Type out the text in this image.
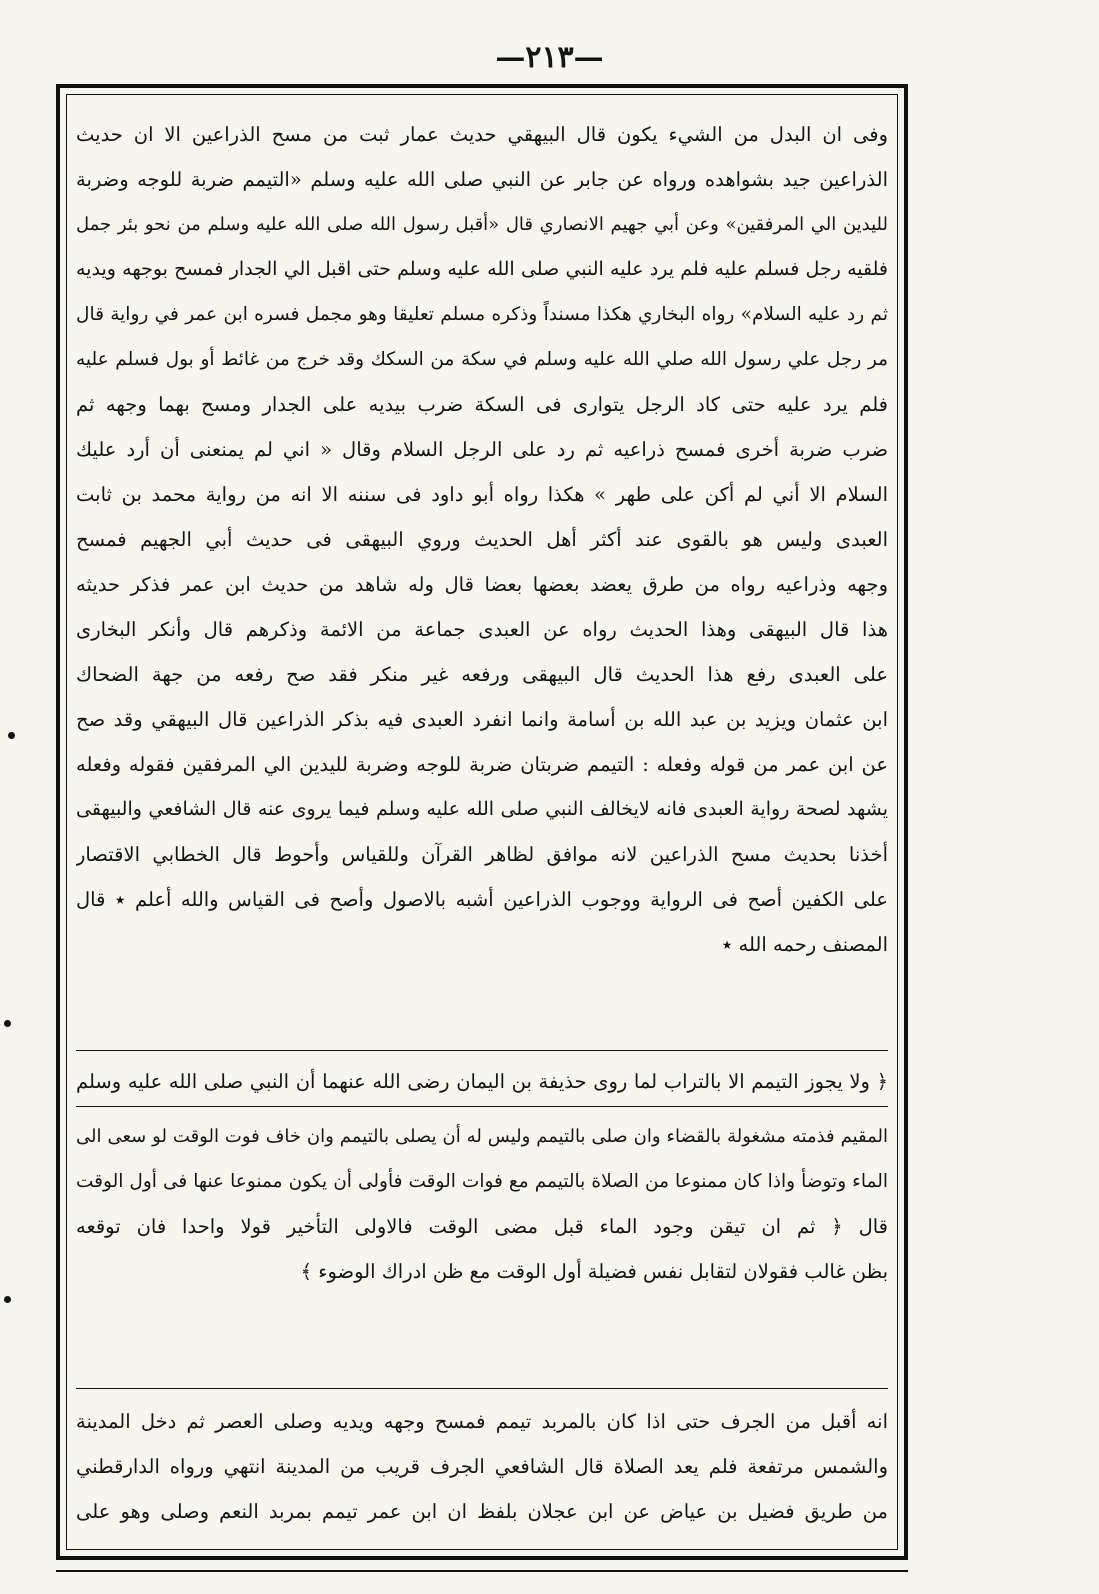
—٢١٣—
وفى ان البدل من الشيء يكون قال البيهقي حديث عمار ثبت من مسح الذراعين الا ان حديث
الذراعين جيد بشواهده ورواه عن جابر عن النبي صلى الله عليه وسلم «التيمم ضربة للوجه وضربة
لليدين الي المرفقين» وعن أبي جهيم الانصاري قال «أقبل رسول الله صلى الله عليه وسلم من نحو بئر جمل
فلقيه رجل فسلم عليه فلم يرد عليه النبي صلى الله عليه وسلم حتى اقبل الي الجدار فمسح بوجهه ويديه
ثم رد عليه السلام» رواه البخاري هكذا مسنداً وذكره مسلم تعليقا وهو مجمل فسره ابن عمر في رواية قال
مر رجل علي رسول الله صلي الله عليه وسلم في سكة من السكك وقد خرج من غائط أو بول فسلم عليه
فلم يرد عليه حتى كاد الرجل يتوارى فى السكة ضرب بيديه على الجدار ومسح بهما وجهه ثم
ضرب ضربة أخرى فمسح ذراعيه ثم رد على الرجل السلام وقال « اني لم يمنعنى أن أرد عليك
السلام الا أني لم أكن على طهر » هكذا رواه أبو داود فى سننه الا انه من رواية محمد بن ثابت
العبدى وليس هو بالقوى عند أكثر أهل الحديث وروي البيهقى فى حديث أبي الجهيم فمسح
وجهه وذراعيه رواه من طرق يعضد بعضها بعضا قال وله شاهد من حديث ابن عمر فذكر حديثه
هذا قال البيهقى وهذا الحديث رواه عن العبدى جماعة من الائمة وذكرهم قال وأنكر البخارى
على العبدى رفع هذا الحديث قال البيهقى ورفعه غير منكر فقد صح رفعه من جهة الضحاك
ابن عثمان ويزيد بن عبد الله بن أسامة وانما انفرد العبدى فيه بذكر الذراعين قال البيهقي وقد صح
عن ابن عمر من قوله وفعله : التيمم ضربتان ضربة للوجه وضربة لليدين الي المرفقين فقوله وفعله
يشهد لصحة رواية العبدى فانه لايخالف النبي صلى الله عليه وسلم فيما يروى عنه قال الشافعي والبيهقى
أخذنا بحديث مسح الذراعين لانه موافق لظاهر القرآن وللقياس وأحوط قال الخطابي الاقتصار
على الكفين أصح فى الرواية ووجوب الذراعين أشبه بالاصول وأصح فى القياس والله أعلم ٭ قال
المصنف رحمه الله ٭
﴿ ولا يجوز التيمم الا بالتراب لما روى حذيفة بن اليمان رضى الله عنهما أن النبي صلى الله عليه وسلم
المقيم فذمته مشغولة بالقضاء وان صلى بالتيمم وليس له أن يصلى بالتيمم وان خاف فوت الوقت لو سعى الى
الماء وتوضأ واذا كان ممنوعا من الصلاة بالتيمم مع فوات الوقت فأولى أن يكون ممنوعا عنها فى أول الوقت
قال ﴿ ثم ان تيقن وجود الماء قبل مضى الوقت فالاولى التأخير قولا واحدا فان توقعه
بظن غالب فقولان لتقابل نفس فضيلة أول الوقت مع ظن ادراك الوضوء ﴾
انه أقبل من الجرف حتى اذا كان بالمربد تيمم فمسح وجهه ويديه وصلى العصر ثم دخل المدينة
والشمس مرتفعة فلم يعد الصلاة قال الشافعي الجرف قريب من المدينة انتهي ورواه الدارقطني
من طريق فضيل بن عياض عن ابن عجلان بلفظ ان ابن عمر تيمم بمربد النعم وصلى وهو على
